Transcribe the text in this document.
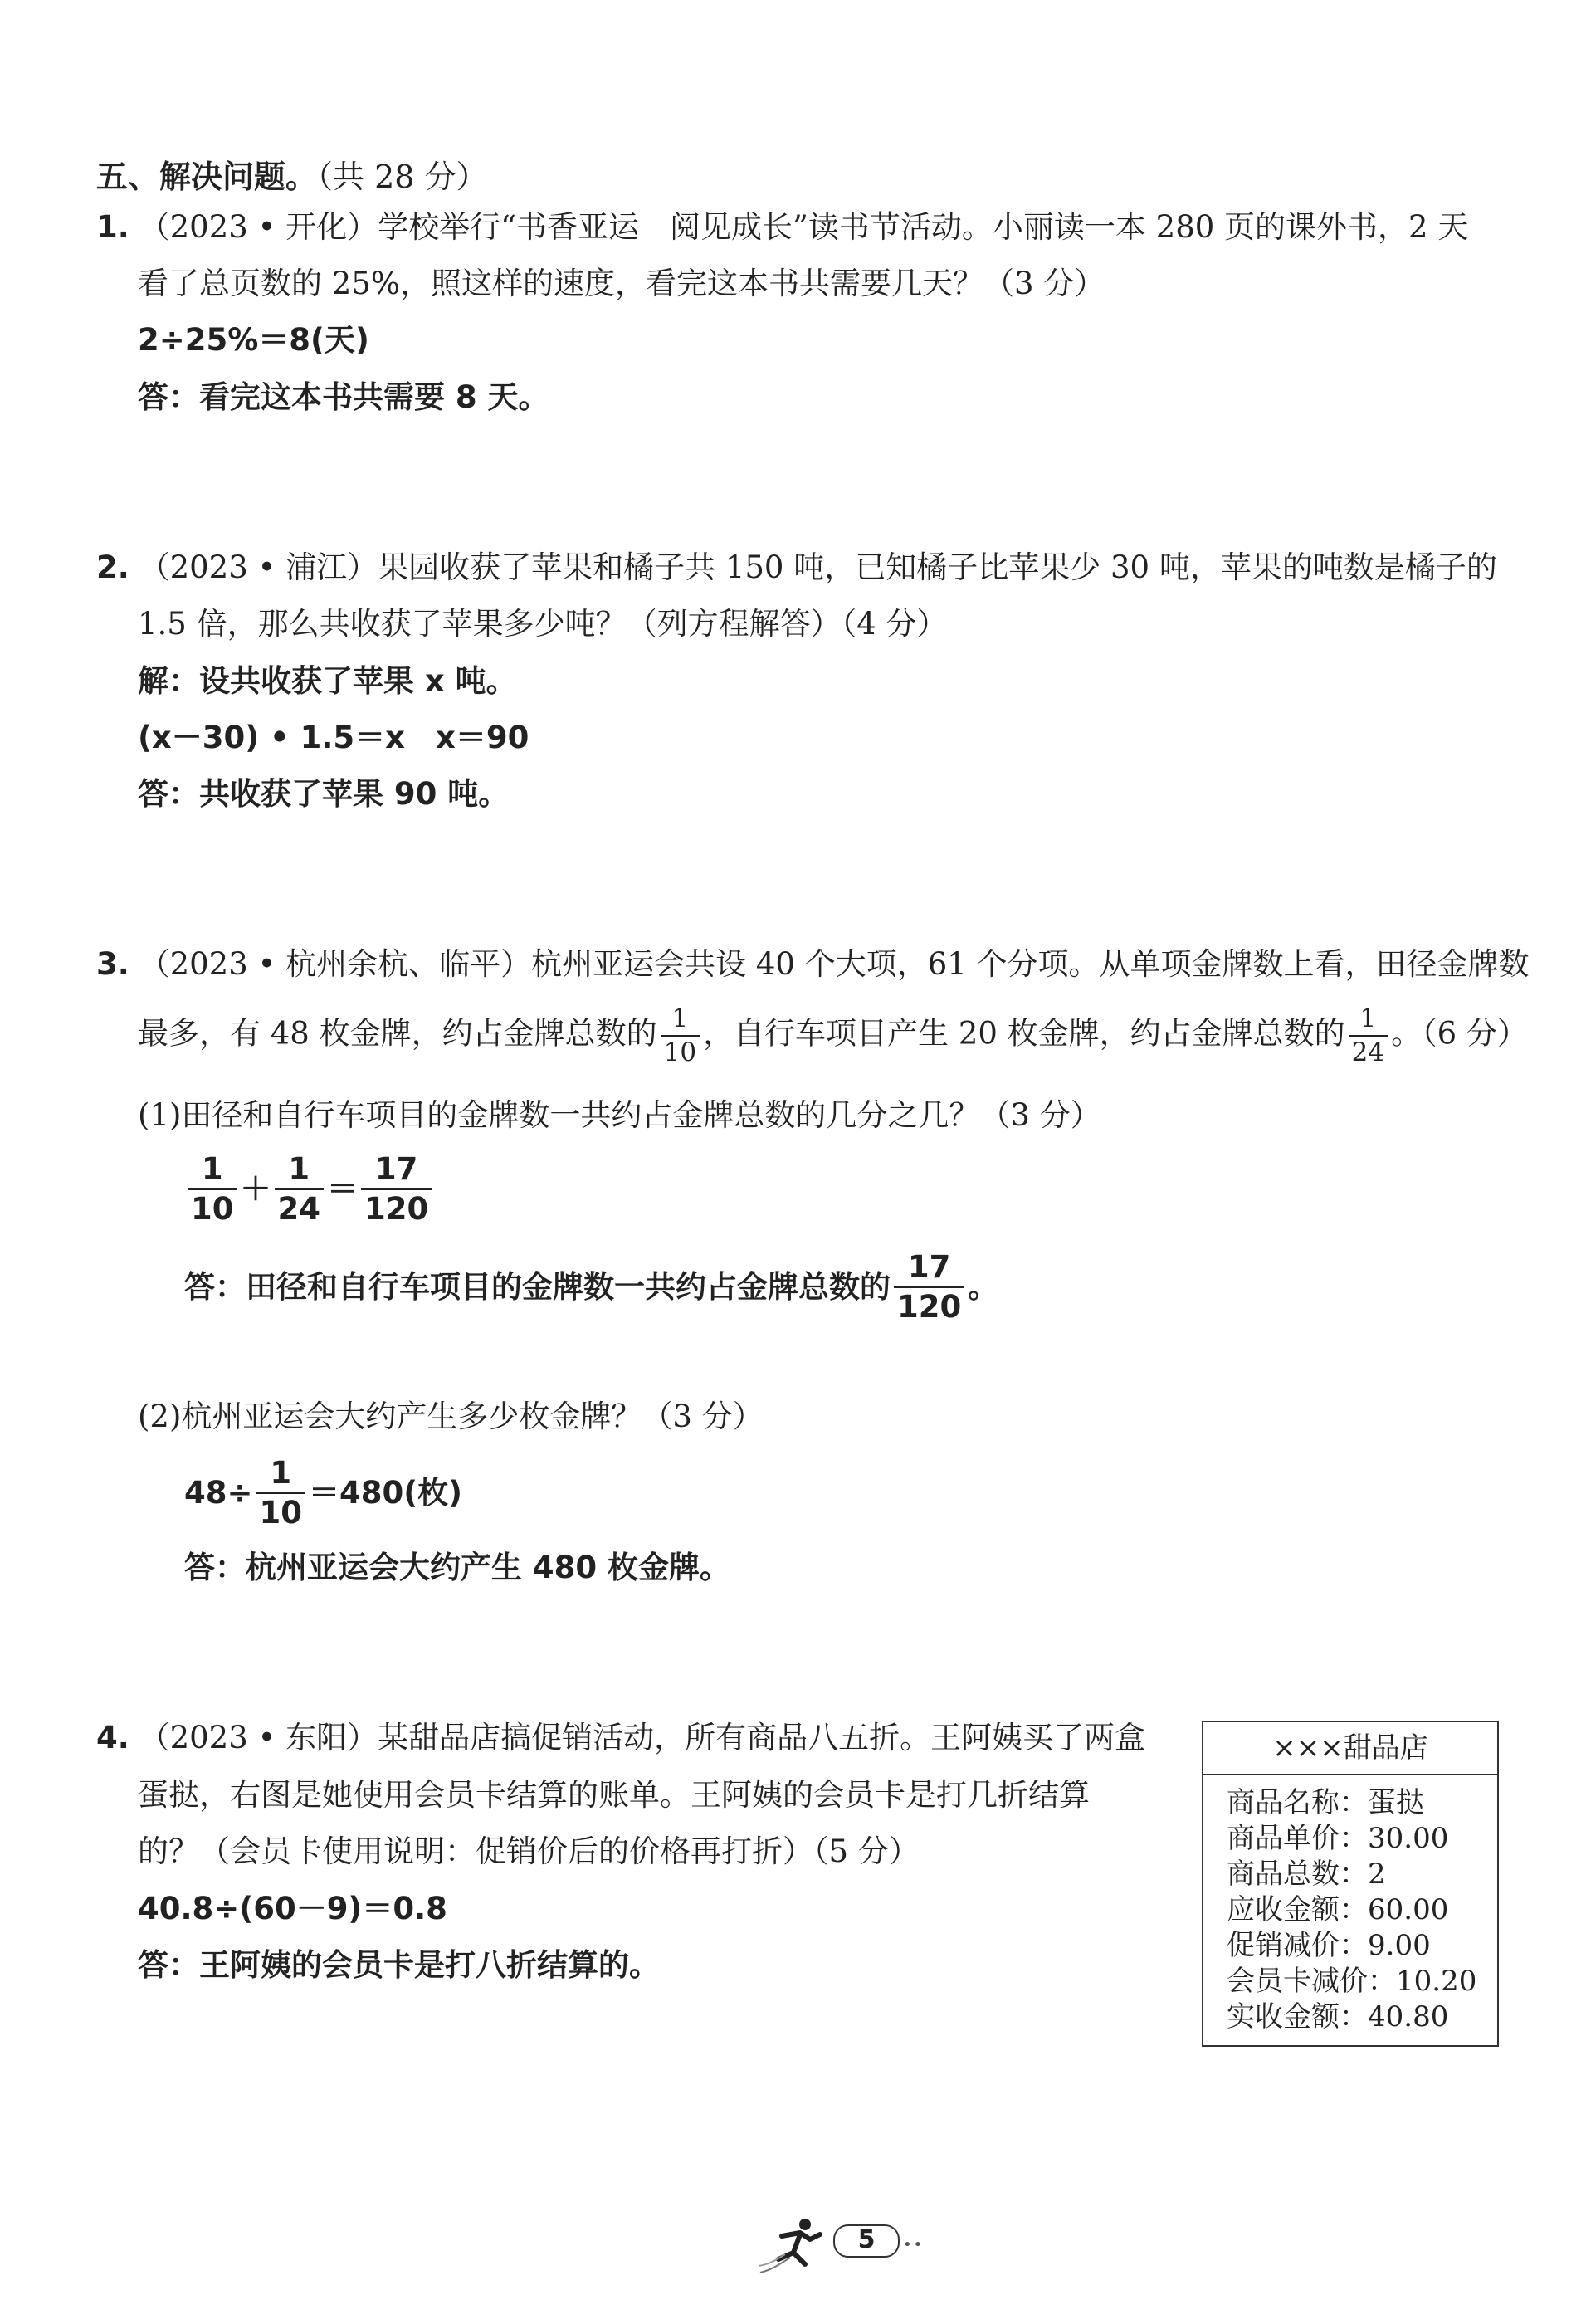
五、解决问题。（共 28 分）
1. （2023 • 开化）学校举行“书香亚运　阅见成长”读书节活动。小丽读一本 280 页的课外书，2 天
看了总页数的 25%，照这样的速度，看完这本书共需要几天？（3 分）
2÷25%＝8(天)
答：看完这本书共需要 8 天。
2. （2023 • 浦江）果园收获了苹果和橘子共 150 吨，已知橘子比苹果少 30 吨，苹果的吨数是橘子的
1.5 倍，那么共收获了苹果多少吨？（列方程解答）（4 分）
解：设共收获了苹果 x 吨。
(x－30) • 1.5＝x　x＝90
答：共收获了苹果 90 吨。
3. （2023 • 杭州余杭、临平）杭州亚运会共设 40 个大项，61 个分项。从单项金牌数上看，田径金牌数
最多，有 48 枚金牌，约占金牌总数的 $\frac{1}{10}$ ，自行车项目产生 20 枚金牌，约占金牌总数的 $\frac{1}{24}$ 。（6 分）
(1)田径和自行车项目的金牌数一共约占金牌总数的几分之几？（3 分）
$\frac{1}{10} + \frac{1}{24} = \frac{17}{120}$
答：田径和自行车项目的金牌数一共约占金牌总数的 $\frac{17}{120}$ 。
(2)杭州亚运会大约产生多少枚金牌？（3 分）
$48\div \frac{1}{10} =480$(枚)
答：杭州亚运会大约产生 480 枚金牌。
4. （2023 • 东阳）某甜品店搞促销活动，所有商品八五折。王阿姨买了两盒
蛋挞，右图是她使用会员卡结算的账单。王阿姨的会员卡是打几折结算
的？（会员卡使用说明：促销价后的价格再打折）（5 分）
40.8÷(60－9)＝0.8
答：王阿姨的会员卡是打八折结算的。
×××甜品店
商品名称：蛋挞
商品单价：30.00
商品总数：2
应收金额：60.00
促销减价：9.00
会员卡减价：10.20
实收金额：40.80
5	••
